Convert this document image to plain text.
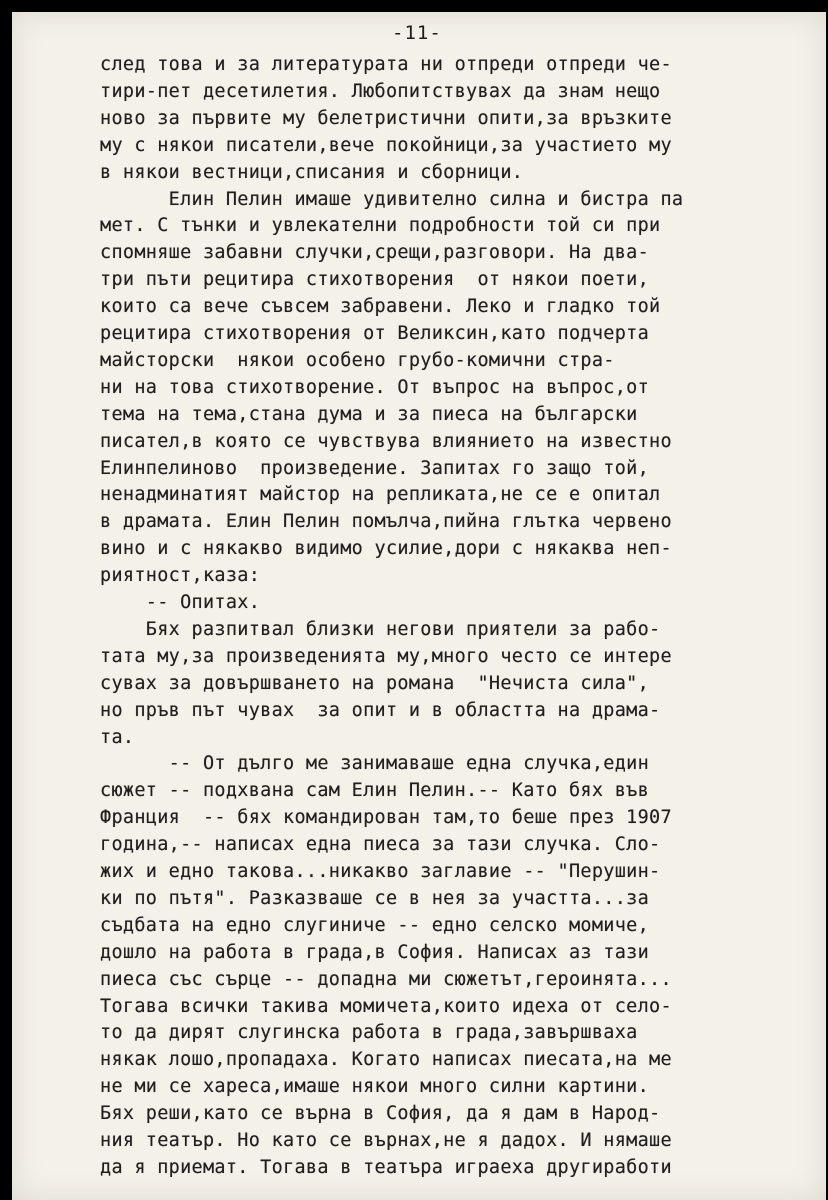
-11-
след това и за литературата ни отпреди отпреди че-
тири-пет десетилетия. Любопитствувах да знам нещо
ново за първите му белетристични опити,за връзките
му с някои писатели,вече покойници,за участието му
в някои вестници,списания и сборници.
Елин Пелин имаше удивително силна и бистра па
мет. С тънки и увлекателни подробности той си при
спомняше забавни случки,срещи,разговори. На два-
три пъти рецитира стихотворения  от някои поети,
които са вече съвсем забравени. Леко и гладко той
рецитира стихотворения от Великсин,като подчерта
майсторски  някои особено грубо-комични стра-
ни на това стихотворение. От въпрос на въпрос,от
тема на тема,стана дума и за пиеса на български
писател,в която се чувствува влиянието на известно
Елинпелиново  произведение. Запитах го защо той,
ненадминатият майстор на репликата,не се е опитал
в драмата. Елин Пелин помълча,пийна глътка червено
вино и с някакво видимо усилие,дори с някаква неп-
риятност,каза:
-- Опитах.
Бях разпитвал близки негови приятели за рабо-
тата му,за произведенията му,много често се интере
сувах за довършването на романа  "Нечиста сила",
но пръв път чувах  за опит и в областта на драма-
та.
-- От дълго ме занимаваше една случка,един
сюжет -- подхвана сам Елин Пелин.-- Като бях във
Франция  -- бях командирован там,то беше през 1907
година,-- написах една пиеса за тази случка. Сло-
жих и едно такова...никакво заглавие -- "Перушин-
ки по пътя". Разказваше се в нея за участта...за
съдбата на едно слугиниче -- едно селско момиче,
дошло на работа в града,в София. Написах аз тази
пиеса със сърце -- допадна ми сюжетът,героинята...
Тогава всички такива момичета,които идеха от село-
то да дирят слугинска работа в града,завършваха
някак лошо,пропадаха. Когато написах пиесата,на ме
не ми се хареса,имаше някои много силни картини.
Бях реши,като се върна в София, да я дам в Народ-
ния театър. Но като се върнах,не я дадох. И нямаше
да я приемат. Тогава в театъра играеха другиработи
